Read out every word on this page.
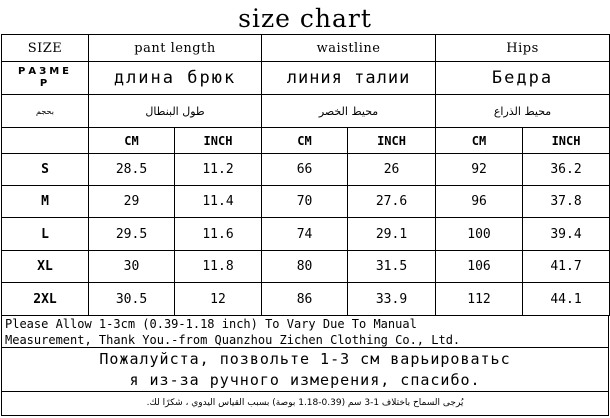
size chart
SIZE	pant length		waistline		Hips	

РАЗМЕР	длина брюк		линия талии		Бедра	
بحجم	طول البنطال		محيط الخصر		محيط الذراع	
	CM	INCH	CM	INCH	CM	INCH
S	28.5	11.2	66	26	92	36.2
M	29	11.4	70	27.6	96	37.8
L	29.5	11.6	74	29.1	100	39.4
XL	30	11.8	80	31.5	106	41.7
2XL	30.5	12	86	33.9	112	44.1
Please Allow 1-3cm (0.39-1.18 inch) To Vary Due To Manual
Measurement, Thank You.-from Quanzhou Zichen Clothing Co., Ltd.
Пожалуйста, позвольте 1-3 см варьироватьс
я из-за ручного измерения, спасибо.
يُرجى السماح باختلاف 1-3 سم (0.39-1.18 بوصة) بسبب القياس اليدوي ، شكرًا لك.
